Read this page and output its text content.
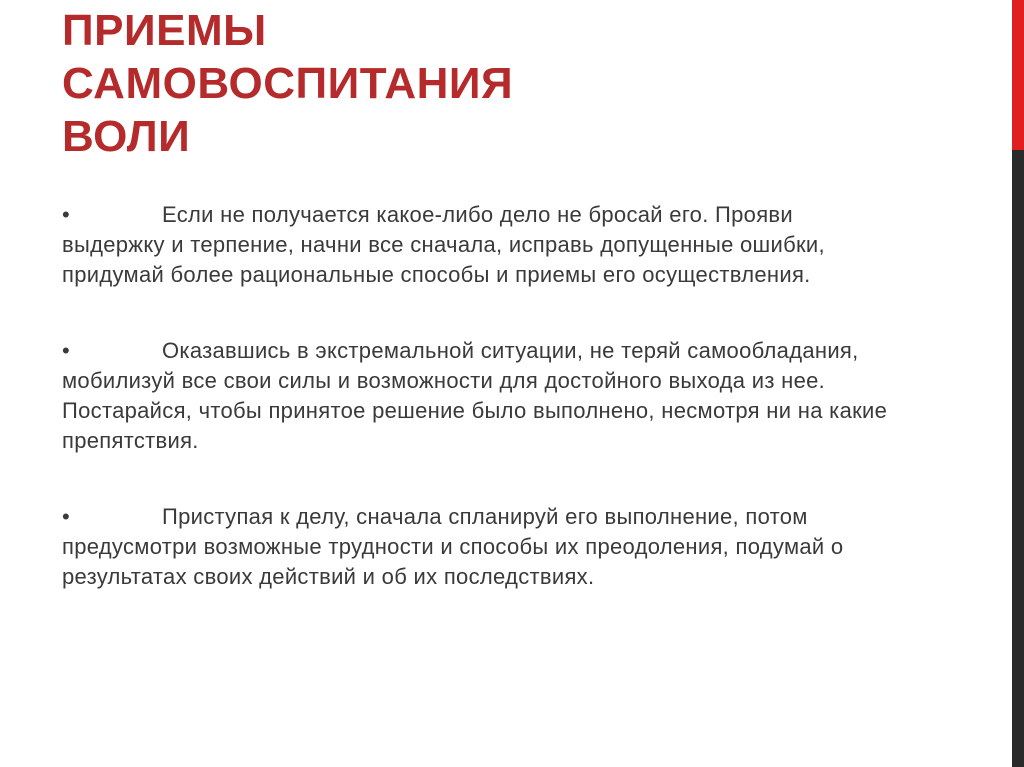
ПРИЕМЫ
САМОВОСПИТАНИЯ
ВОЛИ
•	Если не получается какое-либо дело не бросай его. Прояви выдержку и терпение, начни все сначала, исправь допущенные ошибки, придумай более рациональные способы и приемы его осуществления.
•	Оказавшись в экстремальной ситуации, не теряй самообладания, мобилизуй все свои силы и возможности для достойного выхода из нее. Постарайся, чтобы принятое решение было выполнено, несмотря ни на какие препятствия.
•	Приступая к делу, сначала спланируй его выполнение, потом предусмотри возможные трудности и способы их преодоления, подумай о результатах своих действий и об их последствиях.
